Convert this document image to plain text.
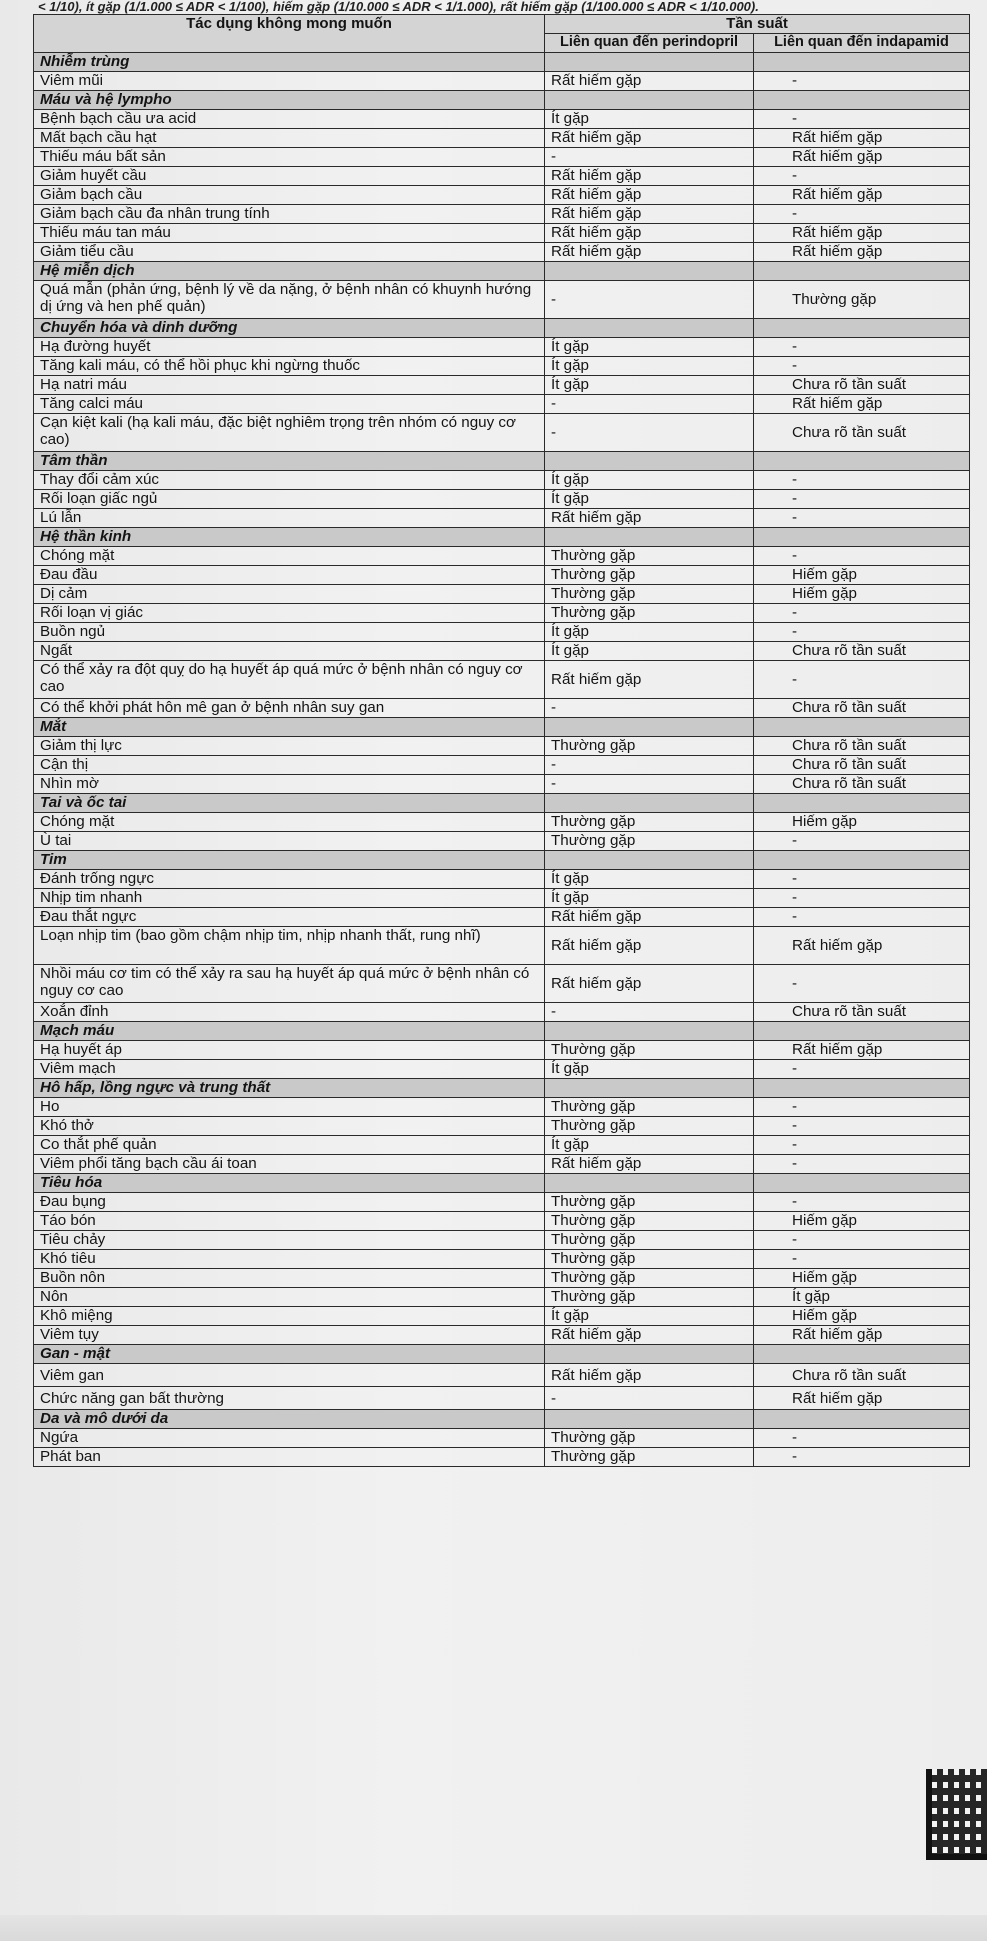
< 1/10), ít gặp (1/1.000 ≤ ADR < 1/100), hiếm gặp (1/10.000 ≤ ADR < 1/1.000), rất hiếm gặp (1/100.000 ≤ ADR < 1/10.000).
Tác dụng không mong muốn	Tần suất	
	Liên quan đến perindopril	Liên quan đến indapamid
Nhiễm trùng		
Viêm mũi	Rất hiếm gặp	-
Máu và hệ lympho		
Bệnh bạch cầu ưa acid	Ít gặp	-
Mất bạch cầu hạt	Rất hiếm gặp	Rất hiếm gặp
Thiếu máu bất sản	-	Rất hiếm gặp
Giảm huyết cầu	Rất hiếm gặp	-
Giảm bạch cầu	Rất hiếm gặp	Rất hiếm gặp
Giảm bạch cầu đa nhân trung tính	Rất hiếm gặp	-
Thiếu máu tan máu	Rất hiếm gặp	Rất hiếm gặp
Giảm tiểu cầu	Rất hiếm gặp	Rất hiếm gặp
Hệ miễn dịch		
Quá mẫn (phản ứng, bệnh lý về da nặng, ở bệnh nhân có khuynh hướng dị ứng và hen phế quản)	-	Thường gặp
Chuyển hóa và dinh dưỡng		
Hạ đường huyết	Ít gặp	-
Tăng kali máu, có thể hồi phục khi ngừng thuốc	Ít gặp	-
Hạ natri máu	Ít gặp	Chưa rõ tần suất
Tăng calci máu	-	Rất hiếm gặp
Cạn kiệt kali (hạ kali máu, đặc biệt nghiêm trọng trên nhóm có nguy cơ cao)	-	Chưa rõ tần suất
Tâm thần		
Thay đổi cảm xúc	Ít gặp	-
Rối loạn giấc ngủ	Ít gặp	-
Lú lẫn	Rất hiếm gặp	-
Hệ thần kinh		
Chóng mặt	Thường gặp	-
Đau đầu	Thường gặp	Hiếm gặp
Dị cảm	Thường gặp	Hiếm gặp
Rối loạn vị giác	Thường gặp	-
Buồn ngủ	Ít gặp	-
Ngất	Ít gặp	Chưa rõ tần suất
Có thể xảy ra đột quỵ do hạ huyết áp quá mức ở bệnh nhân có nguy cơ cao	Rất hiếm gặp	-
Có thể khởi phát hôn mê gan ở bệnh nhân suy gan	-	Chưa rõ tần suất
Mắt		
Giảm thị lực	Thường gặp	Chưa rõ tần suất
Cận thị	-	Chưa rõ tần suất
Nhìn mờ	-	Chưa rõ tần suất
Tai và ốc tai		
Chóng mặt	Thường gặp	Hiếm gặp
Ù tai	Thường gặp	-
Tim		
Đánh trống ngực	Ít gặp	-
Nhịp tim nhanh	Ít gặp	-
Đau thắt ngực	Rất hiếm gặp	-
Loạn nhịp tim (bao gồm chậm nhịp tim, nhịp nhanh thất, rung nhĩ)	Rất hiếm gặp	Rất hiếm gặp
Nhồi máu cơ tim có thể xảy ra sau hạ huyết áp quá mức ở bệnh nhân có nguy cơ cao	Rất hiếm gặp	-
Xoắn đỉnh	-	Chưa rõ tần suất
Mạch máu		
Hạ huyết áp	Thường gặp	Rất hiếm gặp
Viêm mạch	Ít gặp	-
Hô hấp, lồng ngực và trung thất		
Ho	Thường gặp	-
Khó thở	Thường gặp	-
Co thắt phế quản	Ít gặp	-
Viêm phổi tăng bạch cầu ái toan	Rất hiếm gặp	-
Tiêu hóa		
Đau bụng	Thường gặp	-
Táo bón	Thường gặp	Hiếm gặp
Tiêu chảy	Thường gặp	-
Khó tiêu	Thường gặp	-
Buồn nôn	Thường gặp	Hiếm gặp
Nôn	Thường gặp	Ít gặp
Khô miệng	Ít gặp	Hiếm gặp
Viêm tụy	Rất hiếm gặp	Rất hiếm gặp
Gan - mật		
Viêm gan	Rất hiếm gặp	Chưa rõ tần suất
Chức năng gan bất thường	-	Rất hiếm gặp
Da và mô dưới da		
Ngứa	Thường gặp	-
Phát ban	Thường gặp	-
